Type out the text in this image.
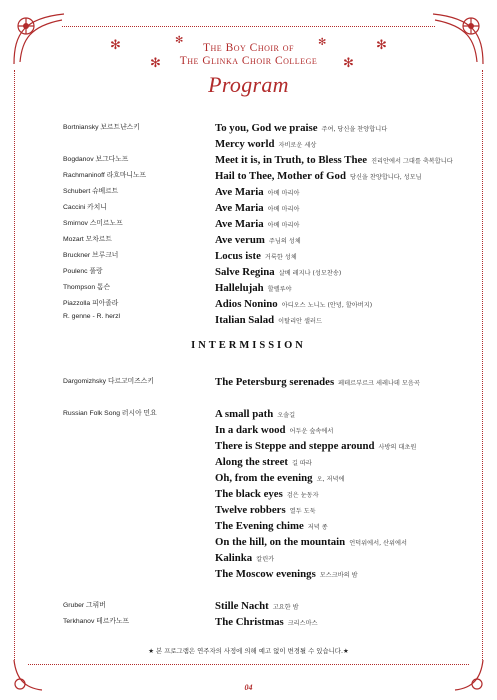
✻
✻
✻	✻
✻
✻
The Boy Choir of
The Glinka Choir College
Program
Bortniansky 보르트냔스키	To you, God we praise 주여, 당신을 찬양합니다
Mercy world 자비로운 세상
Bogdanov 보그다노프	Meet it is, in Truth, to Bless Thee 진리안에서 그대를 축복합니다
Rachmaninoff 라흐마니노프	Hail to Thee, Mother of God 당신을 찬양합니다, 성모님
Schubert 슈베르트	Ave Maria 아베 마리아
Caccini 카치니	Ave Maria 아베 마리아
Smirnov 스미르노프	Ave Maria 아베 마리아
Mozart 모차르트	Ave verum 주님의 성체
Bruckner 브루크너	Locus iste 거룩한 성체
Poulenc 풀랑	Salve Regina 살베 레지나 (성모찬송)
Thompson 톰슨	Hallelujah 할렐루야
Piazzolla 피아졸라	Adios Nonino 아디오스 노니노 (안녕, 할아버지)
R. genne - R. herzl	Italian Salad 이탈리안 샐러드
INTERMISSION
Dargomizhsky 다르고미즈스키	The Petersburg serenades 페테르부르크 세레나데 모음곡
Russian Folk Song 러시아 민요	A small path 오솔길
In a dark wood 어두운 숲속에서
There is Steppe and steppe around 사방의 대초원
Along the street 길 따라
Oh, from the evening 오, 저녁에
The black eyes 검은 눈동자
Twelve robbers 열두 도둑
The Evening chime 저녁 종
On the hill, on the mountain 언덕위에서, 산위에서
Kalinka 칼린카
The Moscow evenings 모스크바의 밤
Gruber 그뤼버	Stille Nacht 고요한 밤
Terkhanov 테르카노프	The Christmas 크리스마스
★ 본 프로그램은 연주자의 사정에 의해 예고 없이 변경될 수 있습니다.★
04
